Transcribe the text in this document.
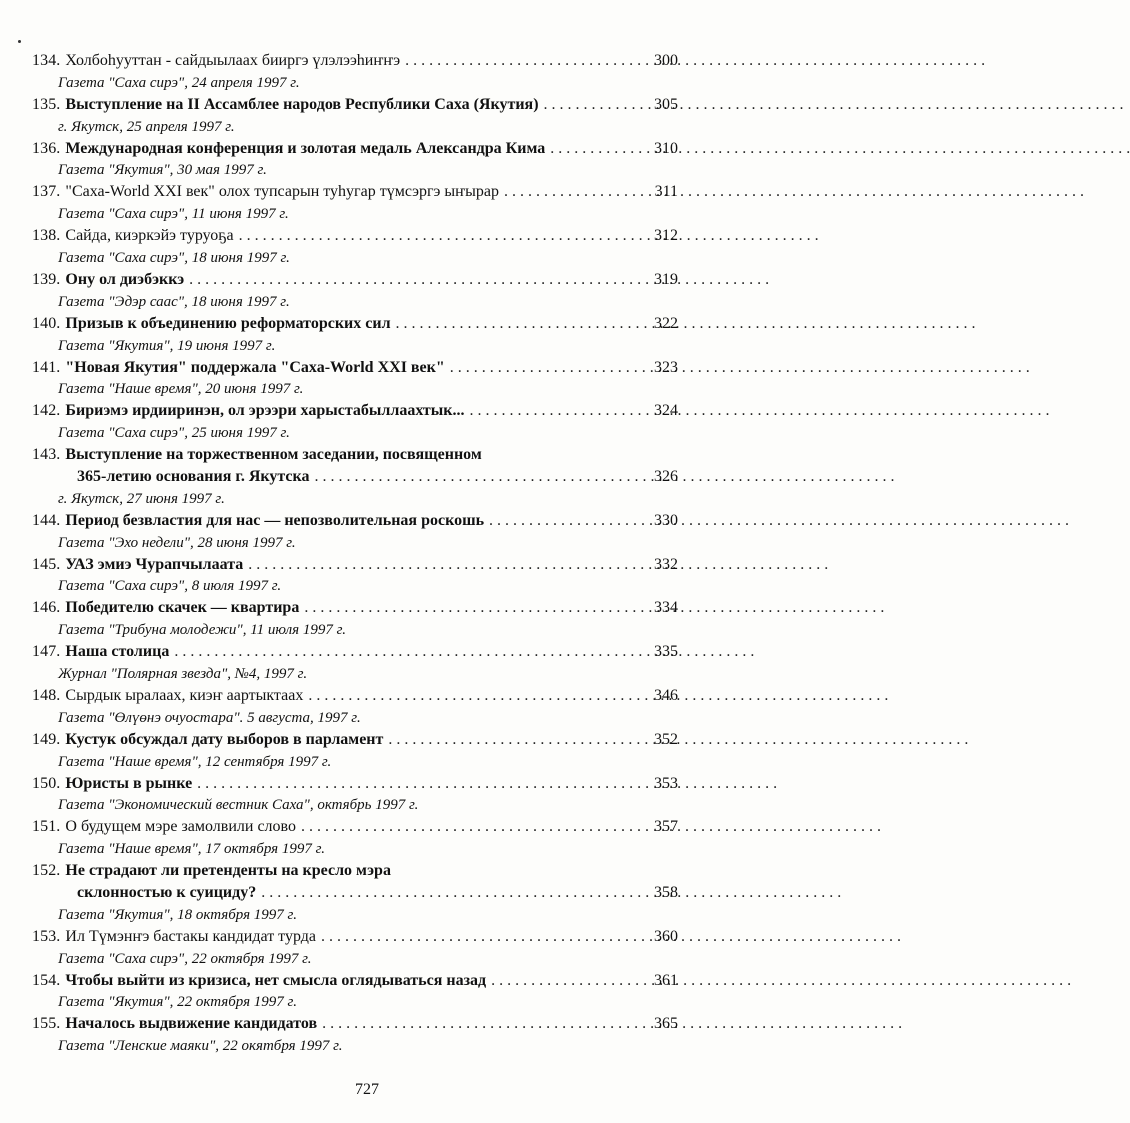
134. Холбоһууттан - сайдыылаах бииргэ үлэлээһиҥҥэ . . .	300
Газета "Саха сирэ", 24 апреля 1997 г.
135. Выступление на II Ассамблее народов Республики Саха (Якутия) . . .	305
г. Якутск, 25 апреля 1997 г.
136. Международная конференция и золотая медаль Александра Кима . . .	310
Газета "Якутия", 30 мая 1997 г.
137. "Саха-World XXI век" олох тупсарын туһугар түмсэргэ ыҥырар . . .	311
Газета "Саха сирэ", 11 июня 1997 г.
138. Сайда, киэркэйэ туруоҕа . . .	312
Газета "Саха сирэ", 18 июня 1997 г.
139. Ону ол диэбэккэ . . .	319
Газета "Эдэр саас", 18 июня 1997 г.
140. Призыв к объединению реформаторских сил . . .	322
Газета "Якутия", 19 июня 1997 г.
141. "Новая Якутия" поддержала "Саха-World XXI век" . . .	323
Газета "Наше время", 20 июня 1997 г.
142. Бириэмэ ирдииринэн, ол эрээри харыстабыллаахтык... . . .	324
Газета "Саха сирэ", 25 июня 1997 г.
143. Выступление на торжественном заседании, посвященном
365-летию основания г. Якутска . . .	326
г. Якутск, 27 июня 1997 г.
144. Период безвластия для нас — непозволительная роскошь . . .	330
Газета "Эхо недели", 28 июня 1997 г.
145. УАЗ эмиэ Чурапчылаата . . .	332
Газета "Саха сирэ", 8 июля 1997 г.
146. Победителю скачек — квартира . . .	334
Газета "Трибуна молодежи", 11 июля 1997 г.
147. Наша столица . . .	335
Журнал "Полярная звезда", №4, 1997 г.
148. Сырдык ыралаах, киэҥ аартыктаах . . .	346
Газета "Өлүөнэ очуостара". 5 августа, 1997 г.
149. Кустук обсуждал дату выборов в парламент . . .	352
Газета "Наше время", 12 сентября 1997 г.
150. Юристы в рынке . . .	353
Газета "Экономический вестник Саха", октябрь 1997 г.
151. О будущем мэре замолвили слово . . .	357
Газета "Наше время", 17 октября 1997 г.
152. Не страдают ли претенденты на кресло мэра
склонностью к суициду? . . .	358
Газета "Якутия", 18 октября 1997 г.
153. Ил Түмэнҥэ бастакы кандидат турда . . .	360
Газета "Саха сирэ", 22 октября 1997 г.
154. Чтобы выйти из кризиса, нет смысла оглядываться назад . . .	361
Газета "Якутия", 22 октября 1997 г.
155. Началось выдвижение кандидатов . . .	365
Газета "Ленские маяки", 22 окятбря 1997 г.
727
